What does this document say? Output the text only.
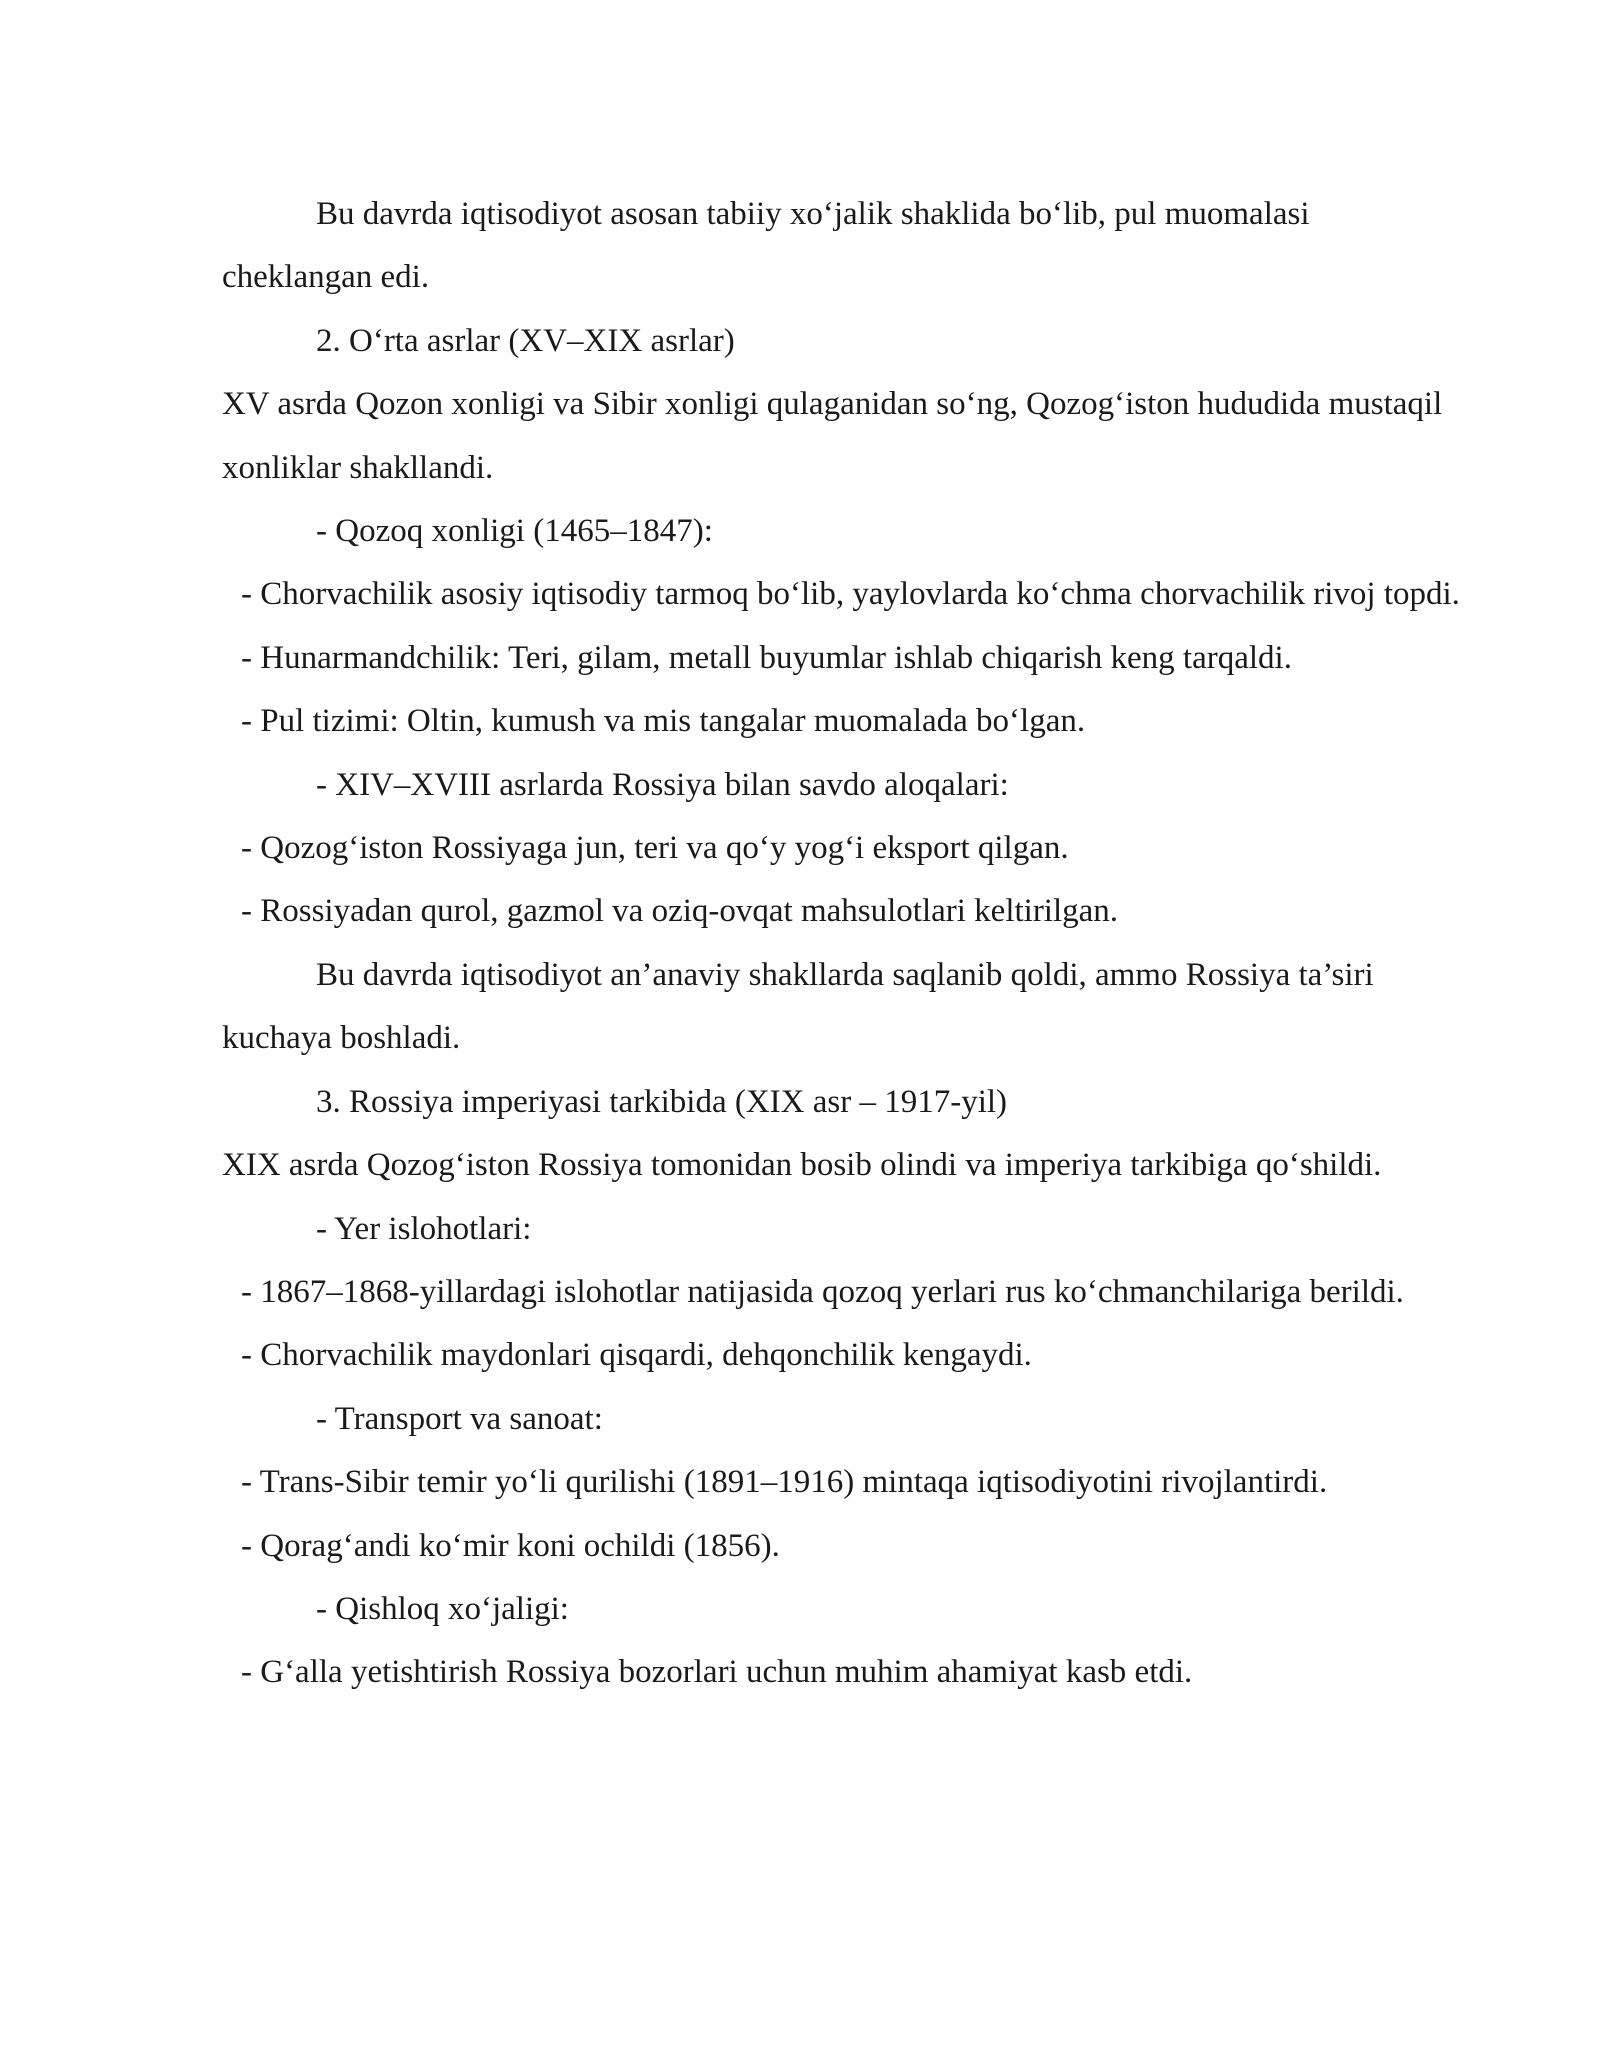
Bu davrda iqtisodiyot asosan tabiiy xo‘jalik shaklida bo‘lib, pul muomalasi cheklangan edi.

2. O‘rta asrlar (XV–XIX asrlar)

XV asrda Qozon xonligi va Sibir xonligi qulaganidan so‘ng, Qozog‘iston hududida mustaqil xonliklar shakllandi.

- Qozoq xonligi (1465–1847):

- Chorvachilik asosiy iqtisodiy tarmoq bo‘lib, yaylovlarda ko‘chma chorvachilik rivoj topdi.

- Hunarmandchilik: Teri, gilam, metall buyumlar ishlab chiqarish keng tarqaldi.

- Pul tizimi: Oltin, kumush va mis tangalar muomalada bo‘lgan.

- XIV–XVIII asrlarda Rossiya bilan savdo aloqalari:

- Qozog‘iston Rossiyaga jun, teri va qo‘y yog‘i eksport qilgan.

- Rossiyadan qurol, gazmol va oziq-ovqat mahsulotlari keltirilgan.

Bu davrda iqtisodiyot an’anaviy shakllarda saqlanib qoldi, ammo Rossiya ta’siri kuchaya boshladi.

3. Rossiya imperiyasi tarkibida (XIX asr – 1917-yil)

XIX asrda Qozog‘iston Rossiya tomonidan bosib olindi va imperiya tarkibiga qo‘shildi.

- Yer islohotlari:

- 1867–1868-yillardagi islohotlar natijasida qozoq yerlari rus ko‘chmanchilariga berildi.

- Chorvachilik maydonlari qisqardi, dehqonchilik kengaydi.

- Transport va sanoat:

- Trans-Sibir temir yo‘li qurilishi (1891–1916) mintaqa iqtisodiyotini rivojlantirdi.

- Qorag‘andi ko‘mir koni ochildi (1856).

- Qishloq xo‘jaligi:

- G‘alla yetishtirish Rossiya bozorlari uchun muhim ahamiyat kasb etdi.
